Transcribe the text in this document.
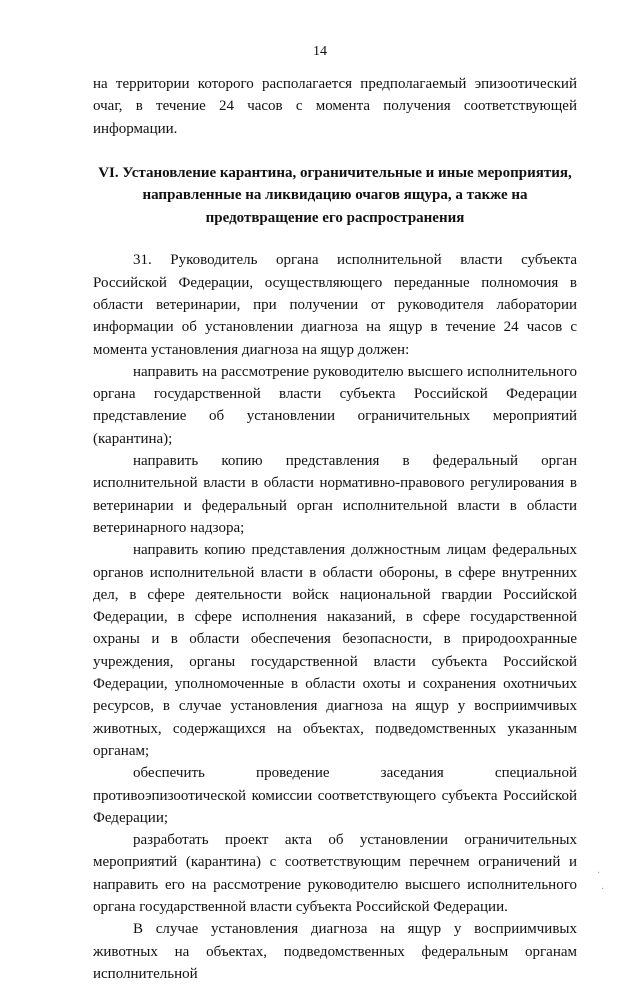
14

на территории которого располагается предполагаемый эпизоотический очаг, в течение 24 часов с момента получения соответствующей информации.

VI. Установление карантина, ограничительные и иные мероприятия, направленные на ликвидацию очагов ящура, а также на предотвращение его распространения

31. Руководитель органа исполнительной власти субъекта Российской Федерации, осуществляющего переданные полномочия в области ветеринарии, при получении от руководителя лаборатории информации об установлении диагноза на ящур в течение 24 часов с момента установления диагноза на ящур должен:

направить на рассмотрение руководителю высшего исполнительного органа государственной власти субъекта Российской Федерации представление об установлении ограничительных мероприятий (карантина);

направить копию представления в федеральный орган исполнительной власти в области нормативно-правового регулирования в ветеринарии и федеральный орган исполнительной власти в области ветеринарного надзора;

направить копию представления должностным лицам федеральных органов исполнительной власти в области обороны, в сфере внутренних дел, в сфере деятельности войск национальной гвардии Российской Федерации, в сфере исполнения наказаний, в сфере государственной охраны и в области обеспечения безопасности, в природоохранные учреждения, органы государственной власти субъекта Российской Федерации, уполномоченные в области охоты и сохранения охотничьих ресурсов, в случае установления диагноза на ящур у восприимчивых животных, содержащихся на объектах, подведомственных указанным органам;

обеспечить проведение заседания специальной противоэпизоотической комиссии соответствующего субъекта Российской Федерации;

разработать проект акта об установлении ограничительных мероприятий (карантина) с соответствующим перечнем ограничений и направить его на рассмотрение руководителю высшего исполнительного органа государственной власти субъекта Российской Федерации.

В случае установления диагноза на ящур у восприимчивых животных на объектах, подведомственных федеральным органам исполнительной

·
·
